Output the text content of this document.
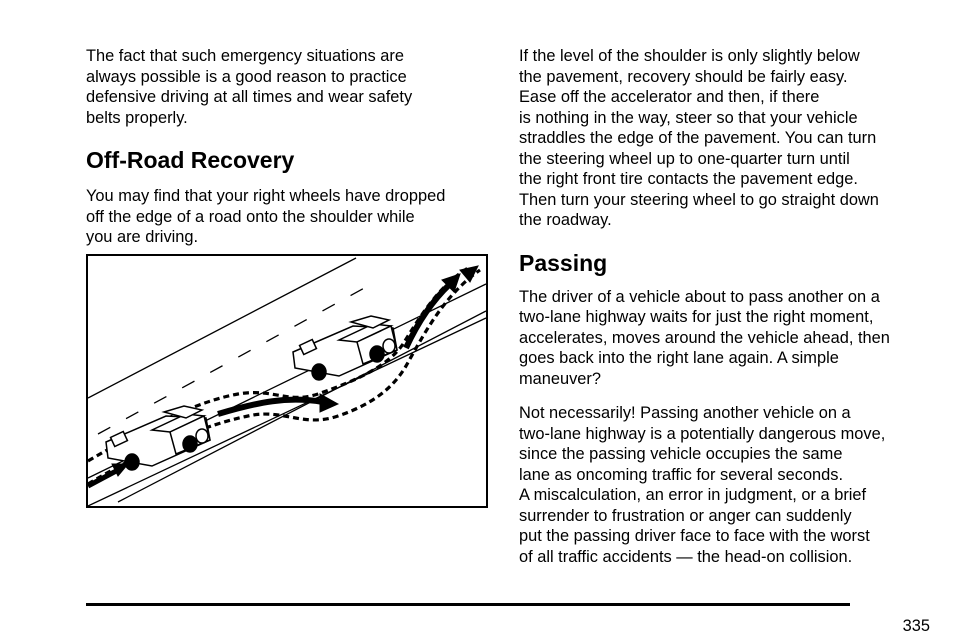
The fact that such emergency situations are
always possible is a good reason to practice
defensive driving at all times and wear safety
belts properly.

Off-Road Recovery

You may find that your right wheels have dropped
off the edge of a road onto the shoulder while
you are driving.

If the level of the shoulder is only slightly below
the pavement, recovery should be fairly easy.
Ease off the accelerator and then, if there
is nothing in the way, steer so that your vehicle
straddles the edge of the pavement. You can turn
the steering wheel up to one-quarter turn until
the right front tire contacts the pavement edge.
Then turn your steering wheel to go straight down
the roadway.

Passing

The driver of a vehicle about to pass another on a
two-lane highway waits for just the right moment,
accelerates, moves around the vehicle ahead, then
goes back into the right lane again. A simple
maneuver?

Not necessarily! Passing another vehicle on a
two-lane highway is a potentially dangerous move,
since the passing vehicle occupies the same
lane as oncoming traffic for several seconds.
A miscalculation, an error in judgment, or a brief
surrender to frustration or anger can suddenly
put the passing driver face to face with the worst
of all traffic accidents — the head-on collision.

335
